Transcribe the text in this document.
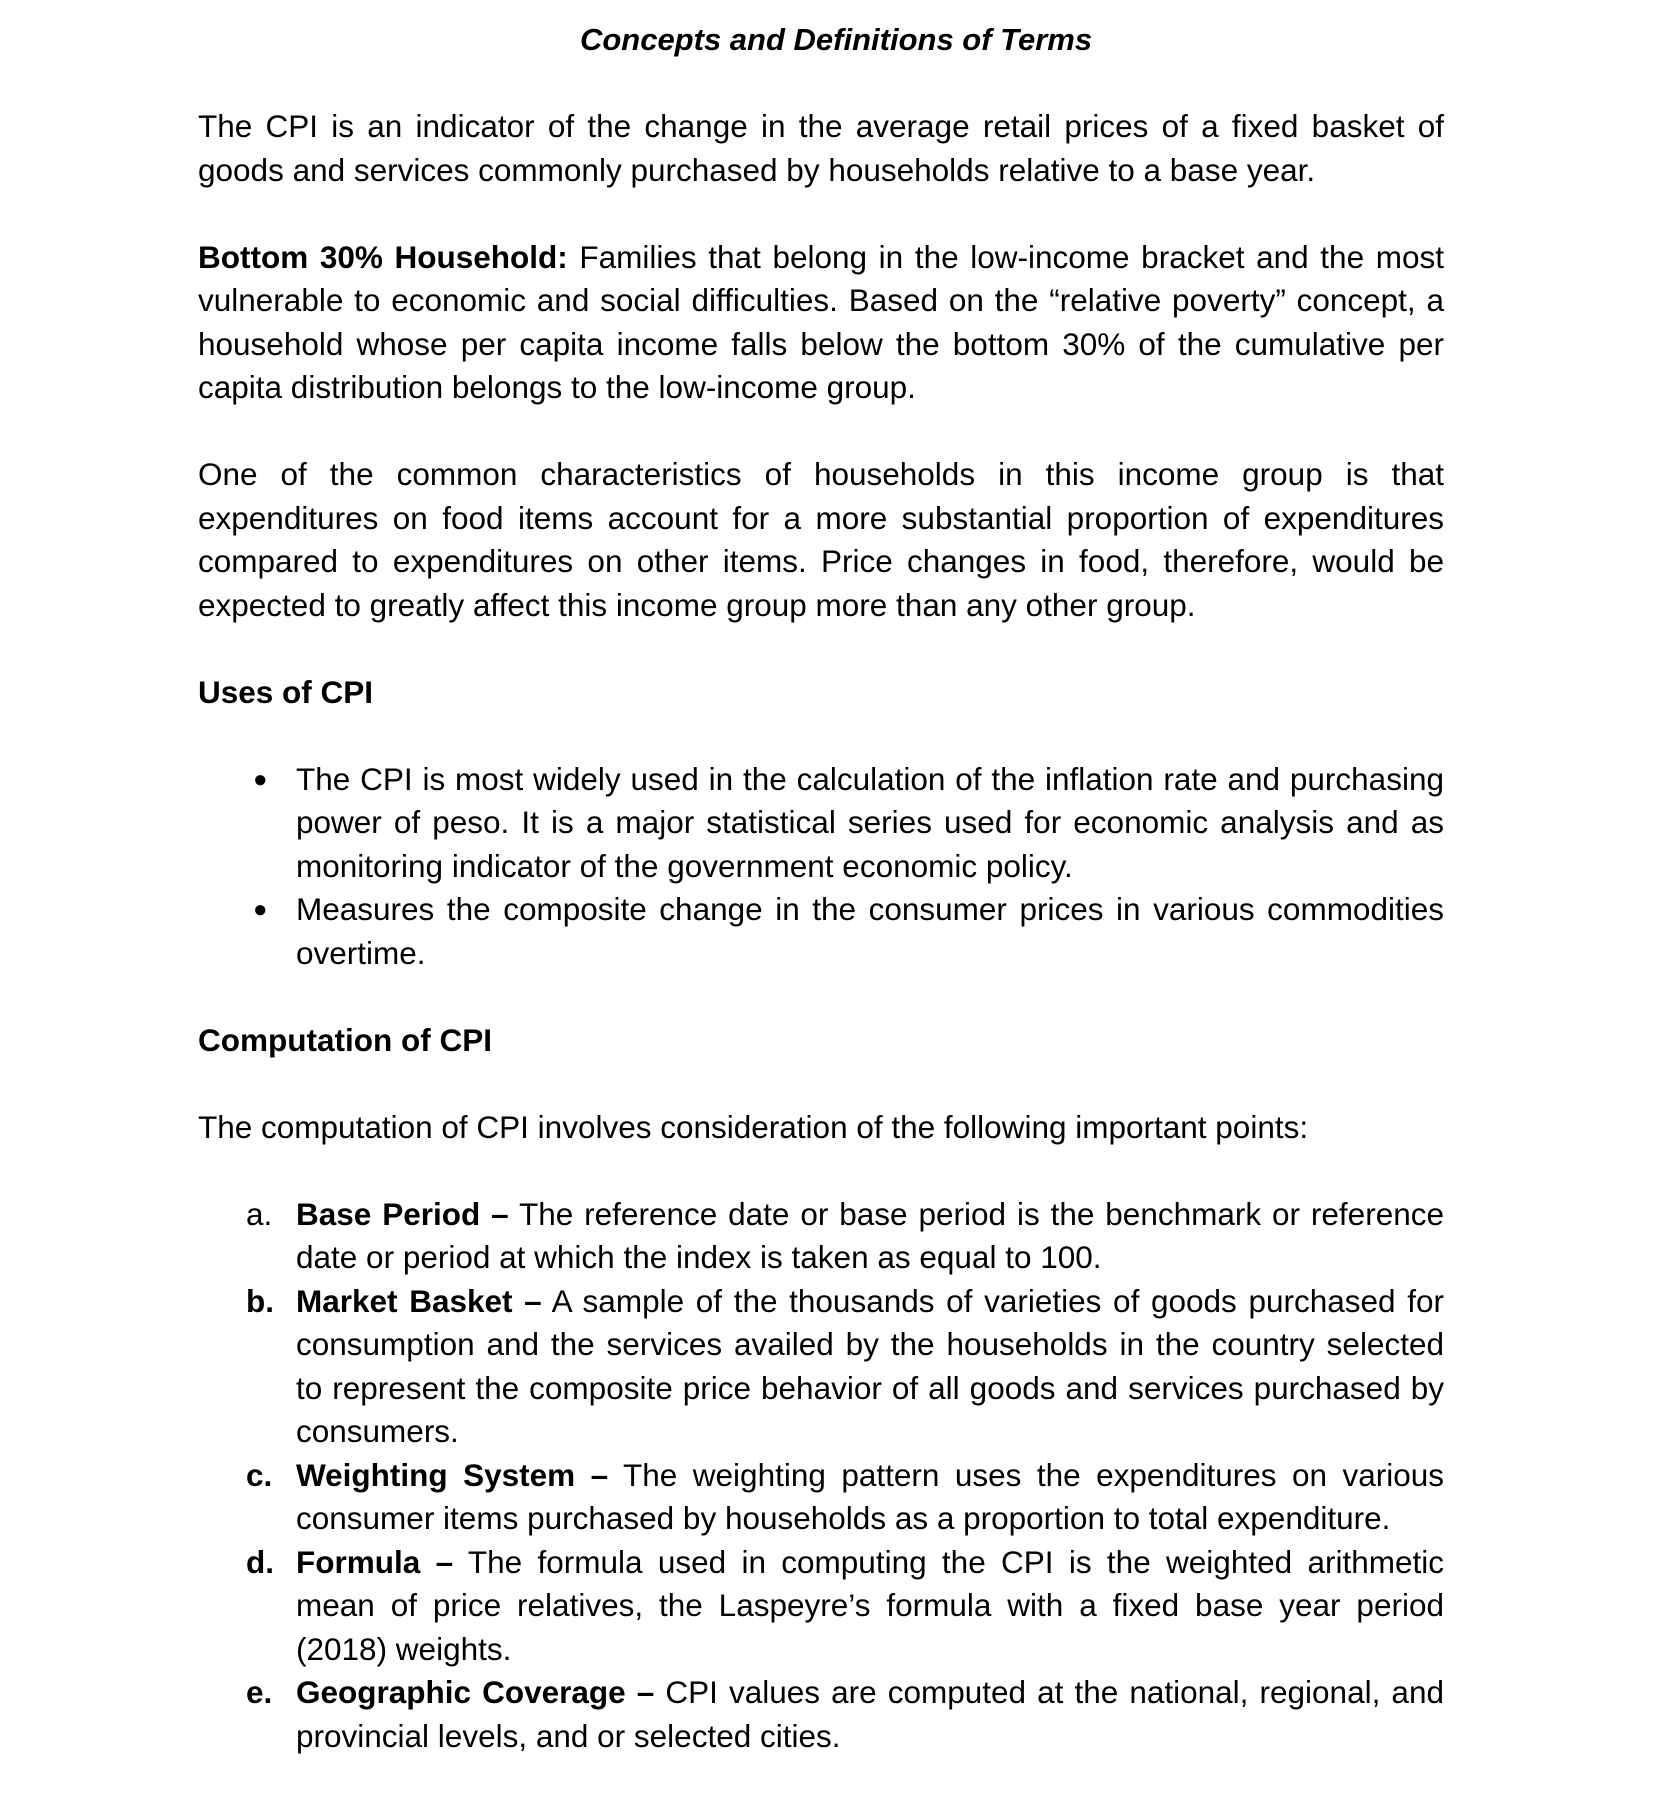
Concepts and Definitions of Terms

The CPI is an indicator of the change in the average retail prices of a fixed basket of goods and services commonly purchased by households relative to a base year.

Bottom 30% Household: Families that belong in the low-income bracket and the most vulnerable to economic and social difficulties. Based on the “relative poverty” concept, a household whose per capita income falls below the bottom 30% of the cumulative per capita distribution belongs to the low-income group.

One of the common characteristics of households in this income group is that expenditures on food items account for a more substantial proportion of expenditures compared to expenditures on other items. Price changes in food, therefore, would be expected to greatly affect this income group more than any other group.

Uses of CPI
● The CPI is most widely used in the calculation of the inflation rate and purchasing power of peso. It is a major statistical series used for economic analysis and as monitoring indicator of the government economic policy.
● Measures the composite change in the consumer prices in various commodities overtime.
Computation of CPI

The computation of CPI involves consideration of the following important points:

a. Base Period – The reference date or base period is the benchmark or reference date or period at which the index is taken as equal to 100.
b. Market Basket – A sample of the thousands of varieties of goods purchased for consumption and the services availed by the households in the country selected to represent the composite price behavior of all goods and services purchased by consumers.
c. Weighting System – The weighting pattern uses the expenditures on various consumer items purchased by households as a proportion to total expenditure.
d. Formula – The formula used in computing the CPI is the weighted arithmetic mean of price relatives, the Laspeyre’s formula with a fixed base year period (2018) weights.
e. Geographic Coverage – CPI values are computed at the national, regional, and provincial levels, and or selected cities.
